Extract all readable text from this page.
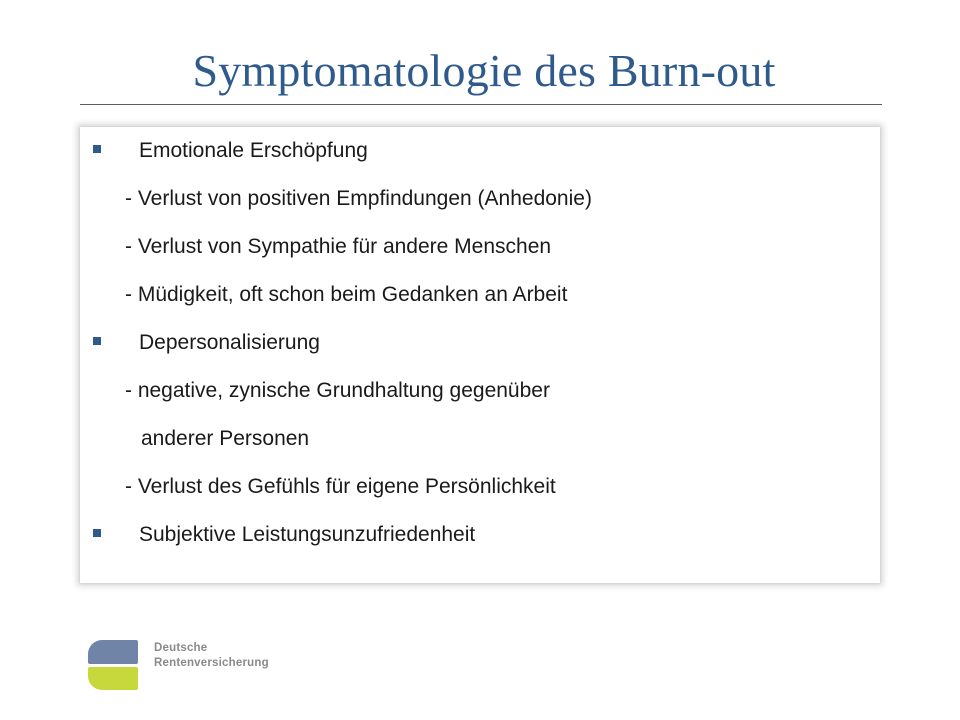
Symptomatologie des Burn-out
Emotionale Erschöpfung
- Verlust von positiven Empfindungen (Anhedonie)
- Verlust von Sympathie für andere Menschen
- Müdigkeit, oft schon beim Gedanken an Arbeit
Depersonalisierung
- negative, zynische Grundhaltung gegenüber
anderer Personen
- Verlust des Gefühls für eigene Persönlichkeit
Subjektive Leistungsunzufriedenheit
Deutsche
Rentenversicherung
